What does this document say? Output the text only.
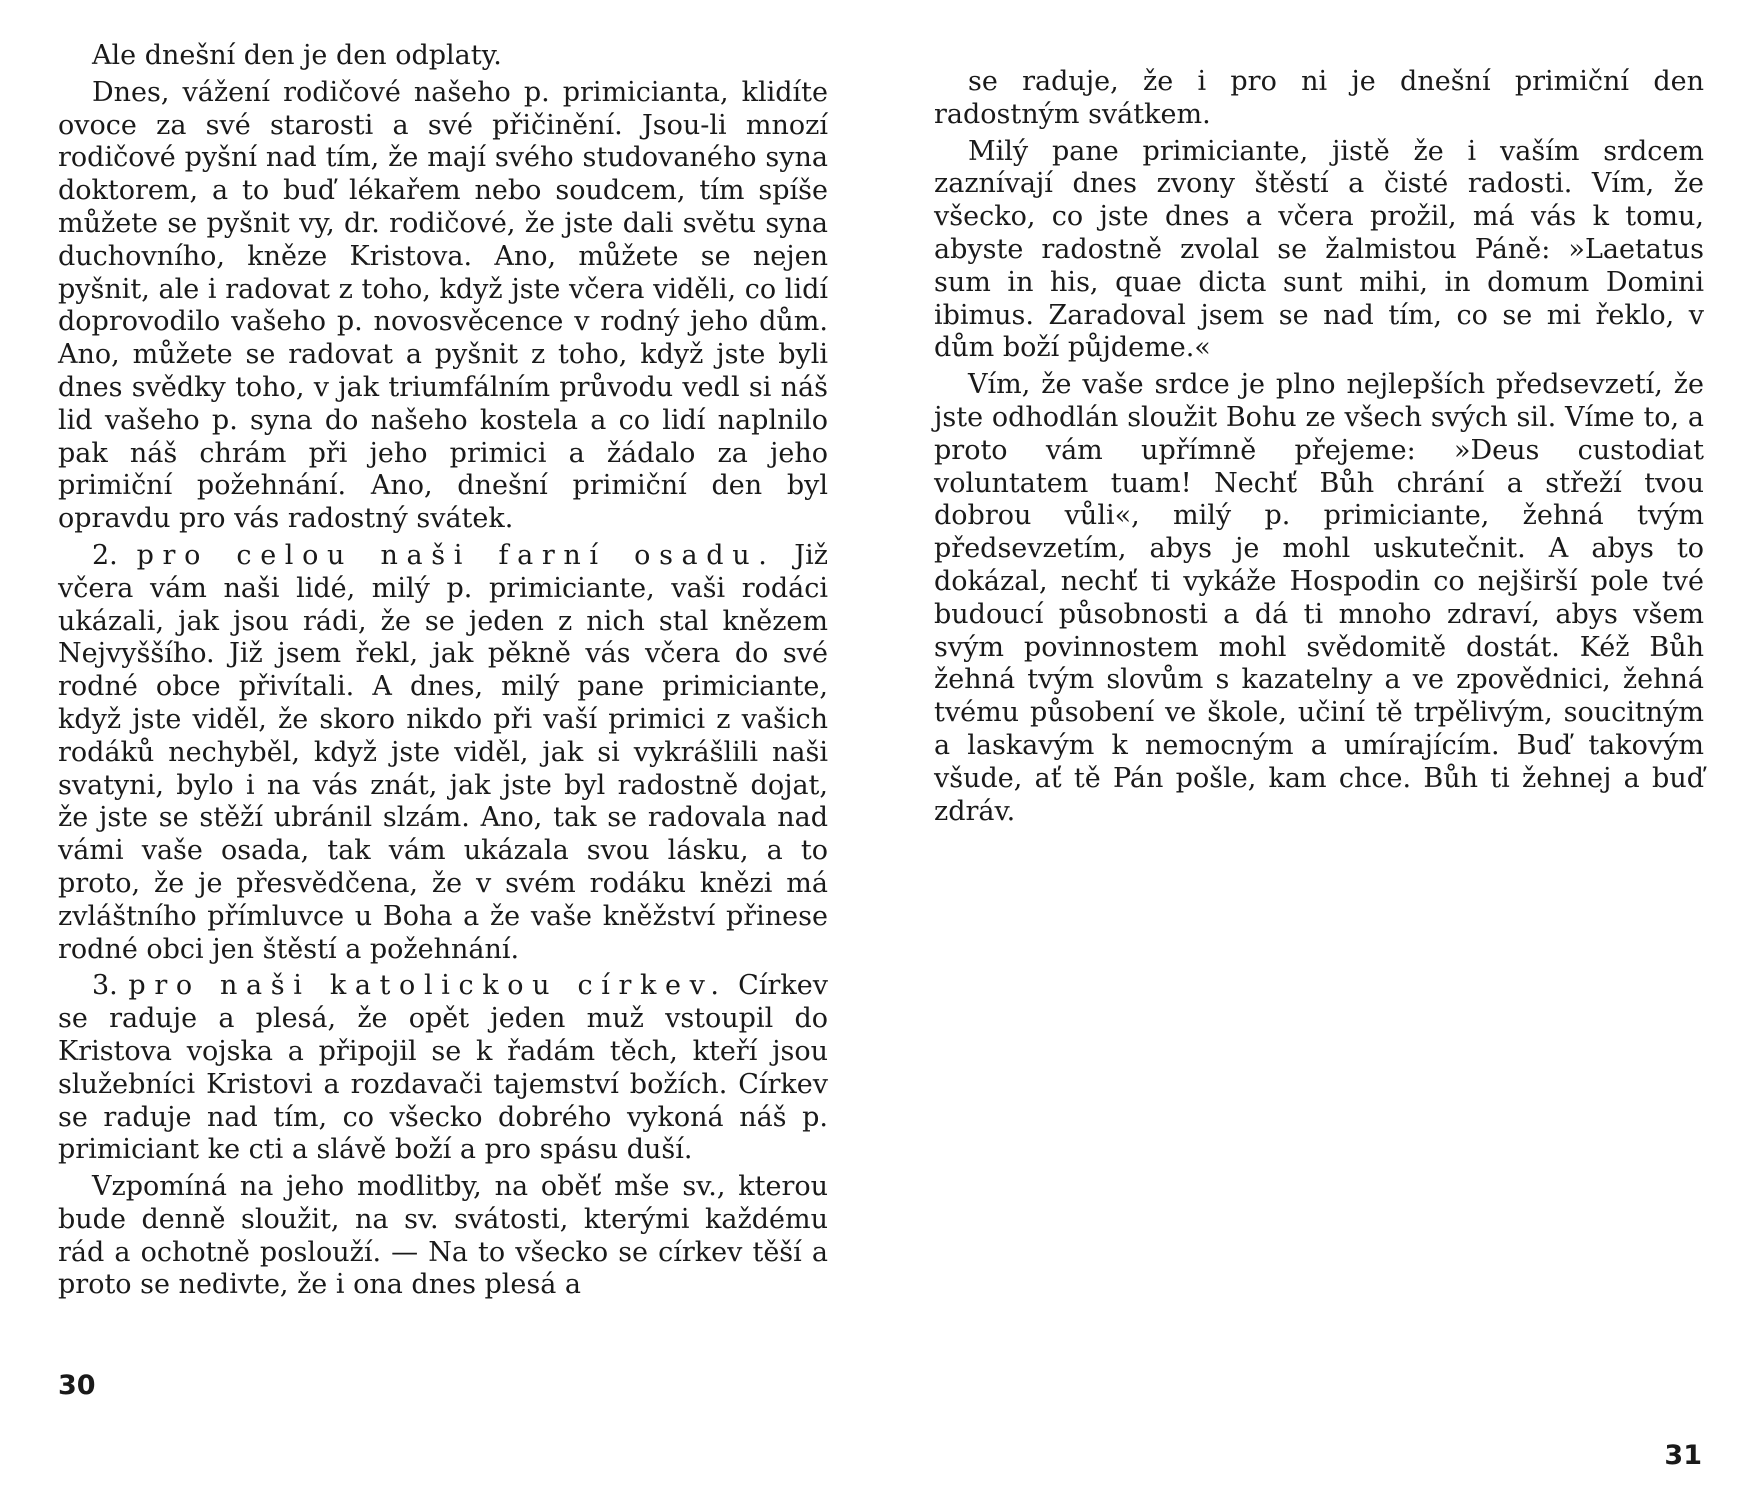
Ale dnešní den je den odplaty.

Dnes, vážení rodičové našeho p. primicianta, klidíte ovoce za své starosti a své přičinění. Jsou-li mnozí rodičové pyšní nad tím, že mají svého studovaného syna doktorem, a to buď lékařem nebo soudcem, tím spíše můžete se pyšnit vy, dr. rodičové, že jste dali světu syna duchovního, kněze Kristova. Ano, můžete se nejen pyšnit, ale i radovat z toho, když jste včera viděli, co lidí doprovodilo vašeho p. novosvěcence v rodný jeho dům. Ano, můžete se radovat a pyšnit z toho, když jste byli dnes svědky toho, v jak triumfálním průvodu vedl si náš lid vašeho p. syna do našeho kostela a co lidí naplnilo pak náš chrám při jeho primici a žádalo za jeho primiční požehnání. Ano, dnešní primiční den byl opravdu pro vás radostný svátek.

2. pro celou naši farní osadu. Již včera vám naši lidé, milý p. primiciante, vaši rodáci ukázali, jak jsou rádi, že se jeden z nich stal knězem Nejvyššího. Již jsem řekl, jak pěkně vás včera do své rodné obce přivítali. A dnes, milý pane primiciante, když jste viděl, že skoro nikdo při vaší primici z vašich rodáků nechyběl, když jste viděl, jak si vykrášlili naši svatyni, bylo i na vás znát, jak jste byl radostně dojat, že jste se stěží ubránil slzám. Ano, tak se radovala nad vámi vaše osada, tak vám ukázala svou lásku, a to proto, že je přesvědčena, že v svém rodáku knězi má zvláštního přímluvce u Boha a že vaše kněžství přinese rodné obci jen štěstí a požehnání.

3. pro naši katolickou církev. Církev se raduje a plesá, že opět jeden muž vstoupil do Kristova vojska a připojil se k řadám těch, kteří jsou služebníci Kristovi a rozdavači tajemství božích. Církev se raduje nad tím, co všecko dobrého vykoná náš p. primiciant ke cti a slávě boží a pro spásu duší.

Vzpomíná na jeho modlitby, na oběť mše sv., kterou bude denně sloužit, na sv. svátosti, kterými každému rád a ochotně poslouží. — Na to všecko se církev těší a proto se nedivte, že i ona dnes plesá a

30

se raduje, že i pro ni je dnešní primiční den radostným svátkem.

Milý pane primiciante, jistě že i vaším srdcem zaznívají dnes zvony štěstí a čisté radosti. Vím, že všecko, co jste dnes a včera prožil, má vás k tomu, abyste radostně zvolal se žalmistou Páně: »Laetatus sum in his, quae dicta sunt mihi, in domum Domini ibimus. Zaradoval jsem se nad tím, co se mi řeklo, v dům boží půjdeme.«

Vím, že vaše srdce je plno nejlepších předsevzetí, že jste odhodlán sloužit Bohu ze všech svých sil. Víme to, a proto vám upřímně přejeme: »Deus custodiat voluntatem tuam! Nechť Bůh chrání a střeží tvou dobrou vůli«, milý p. primiciante, žehná tvým předsevzetím, abys je mohl uskutečnit. A abys to dokázal, nechť ti vykáže Hospodin co nejširší pole tvé budoucí působnosti a dá ti mnoho zdraví, abys všem svým povinnostem mohl svědomitě dostát. Kéž Bůh žehná tvým slovům s kazatelny a ve zpovědnici, žehná tvému působení ve škole, učiní tě trpělivým, soucitným a laskavým k nemocným a umírajícím. Buď takovým všude, ať tě Pán pošle, kam chce. Bůh ti žehnej a buď zdráv.

31
